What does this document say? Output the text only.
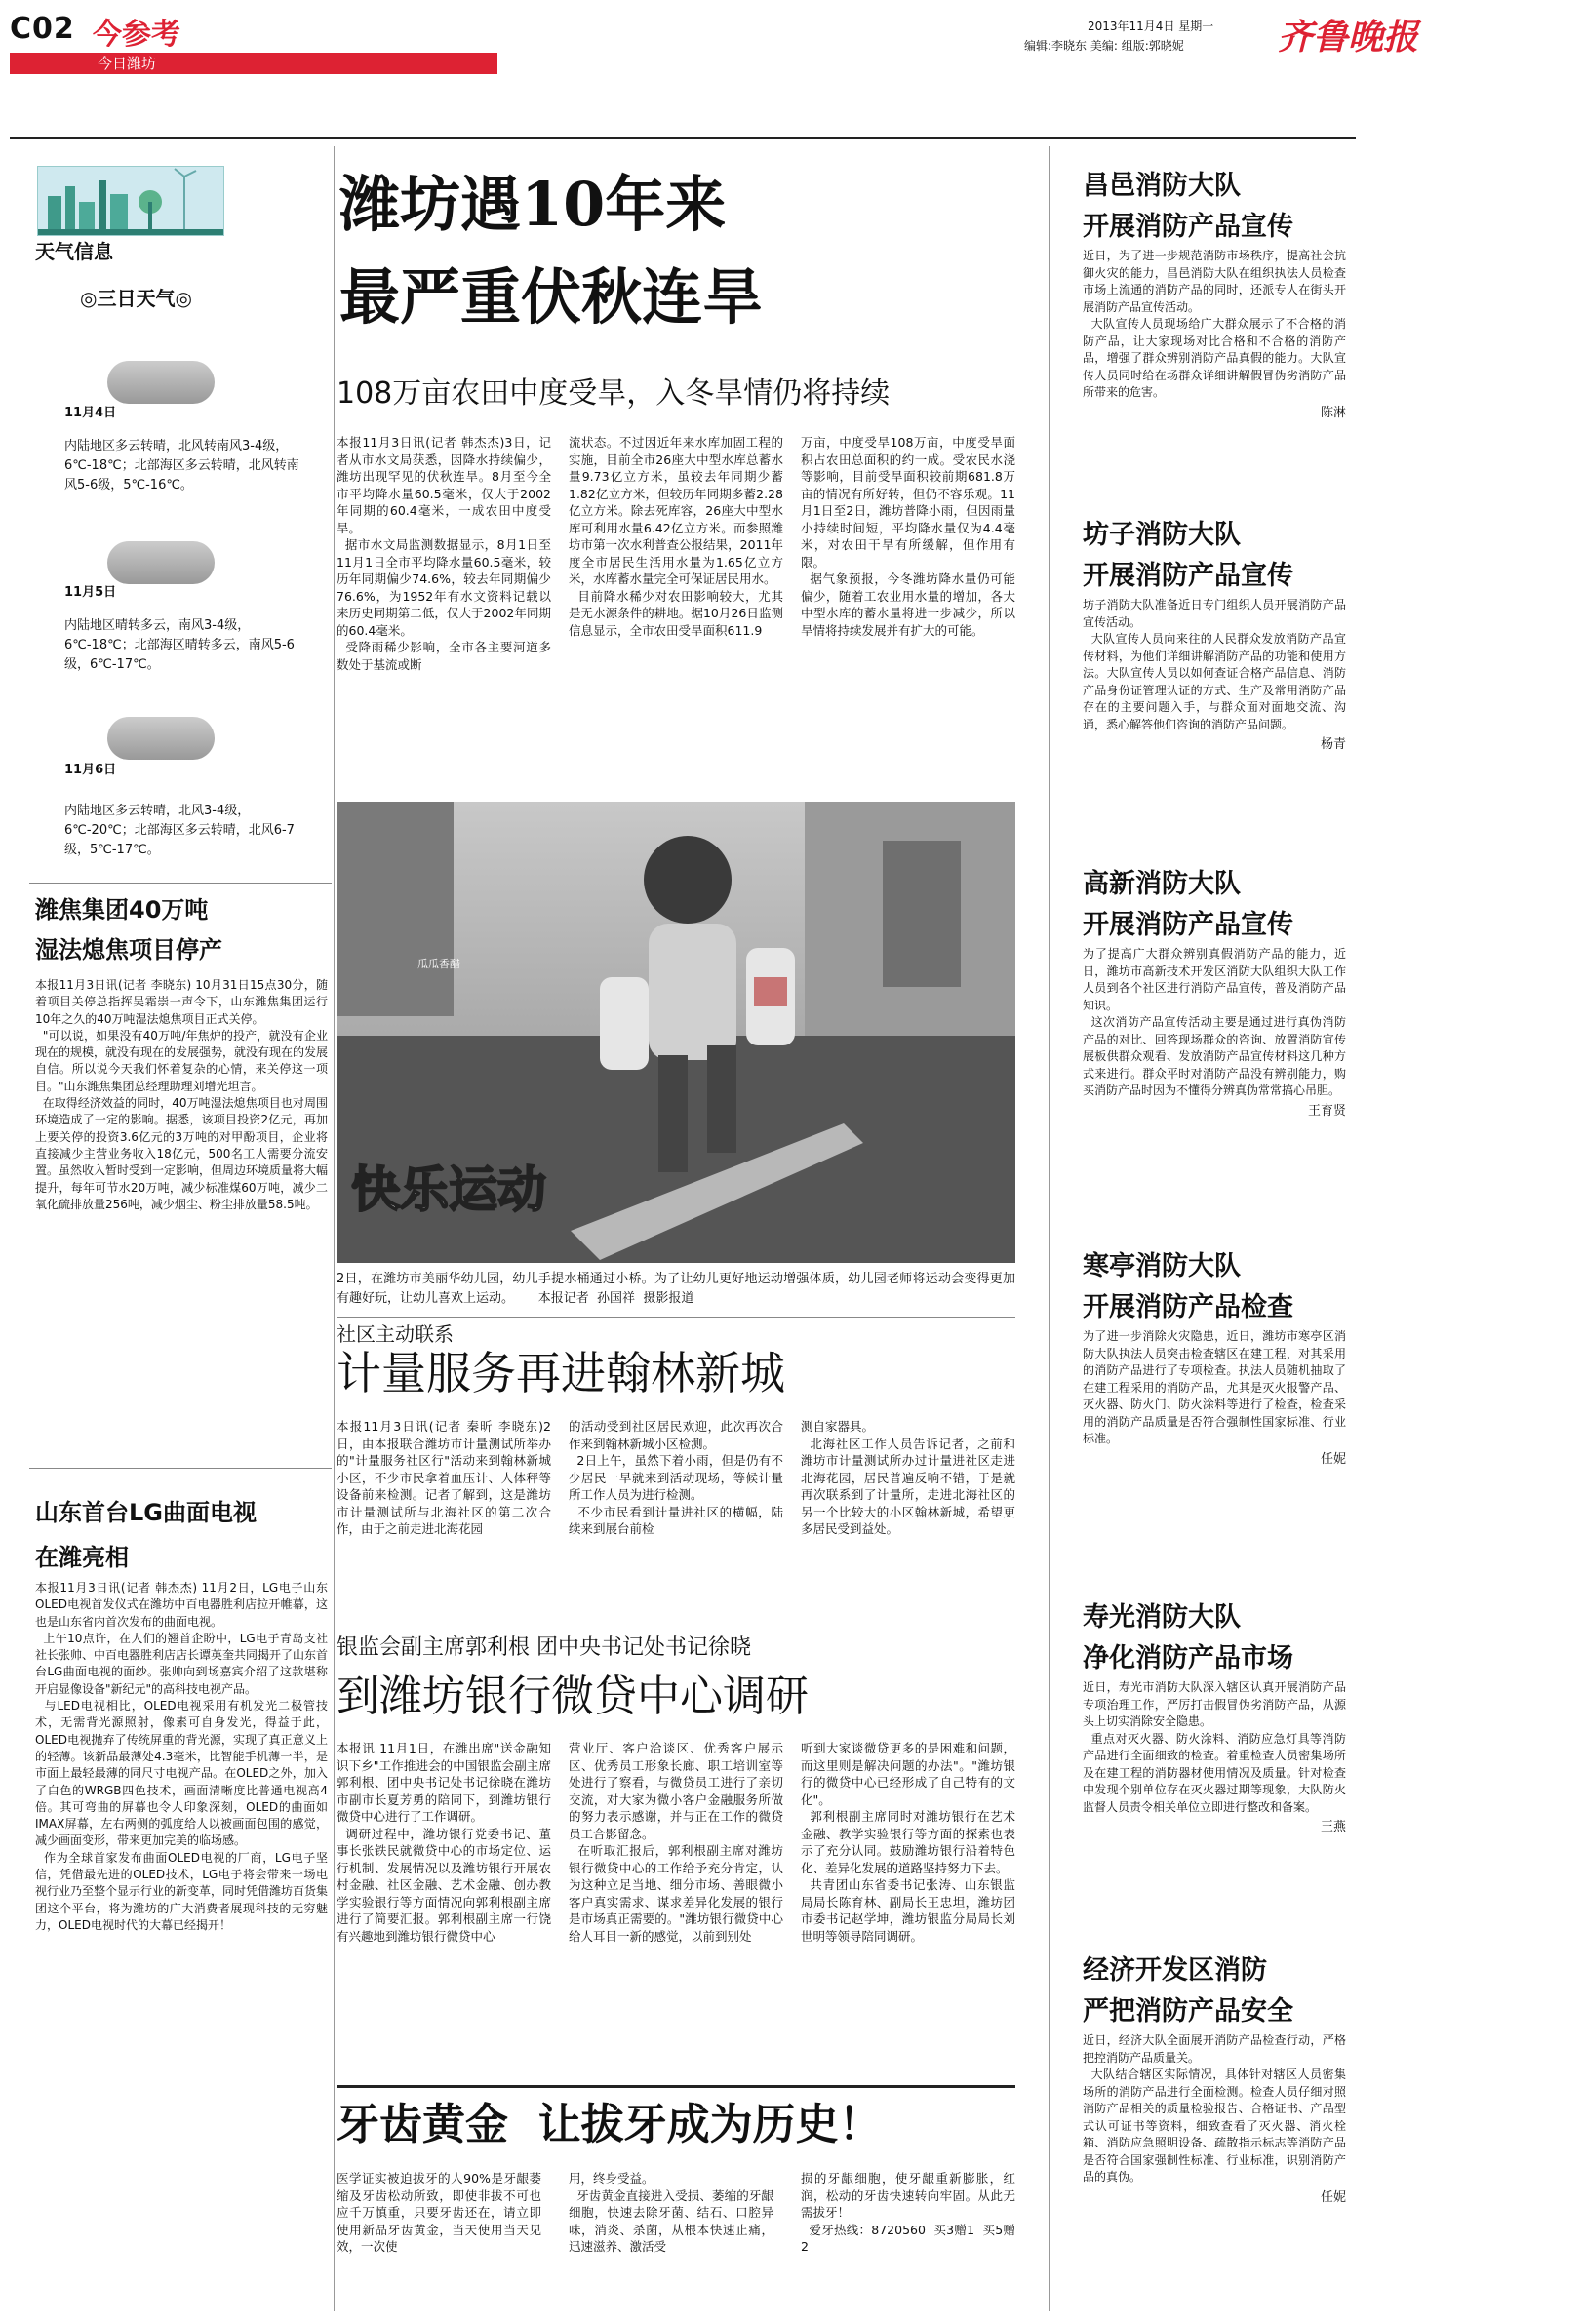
C02 今参考
今日潍坊
2013年11月4日 星期一
编辑:李晓东 美编: 组版:郭晓妮	齐鲁晚报
天气信息
◎三日天气◎
11月4日
内陆地区多云转晴，北风转南风3-4级，6℃-18℃；北部海区多云转晴，北风转南风5-6级，5℃-16℃。
11月5日
内陆地区晴转多云，南风3-4级，6℃-18℃；北部海区晴转多云，南风5-6级，6℃-17℃。
11月6日
内陆地区多云转晴，北风3-4级，6℃-20℃；北部海区多云转晴，北风6-7级，5℃-17℃。
潍焦集团40万吨
湿法熄焦项目停产
本报11月3日讯(记者 李晓东) 10月31日15点30分，随着项目关停总指挥吴霜崇一声令下，山东潍焦集团运行10年之久的40万吨湿法熄焦项目正式关停。
"可以说，如果没有40万吨/年焦炉的投产，就没有企业现在的规模，就没有现在的发展强势，就没有现在的发展自信。所以说今天我们怀着复杂的心情，来关停这一项目。"山东潍焦集团总经理助理刘增光坦言。
在取得经济效益的同时，40万吨湿法熄焦项目也对周围环境造成了一定的影响。据悉，该项目投资2亿元，再加上要关停的投资3.6亿元的3万吨的对甲酚项目，企业将直接减少主营业务收入18亿元，500名工人需要分流安置。虽然收入暂时受到一定影响，但周边环境质量将大幅提升，每年可节水20万吨，减少标准煤60万吨，减少二氧化硫排放量256吨，减少烟尘、粉尘排放量58.5吨。
山东首台LG曲面电视
在潍亮相
本报11月3日讯(记者 韩杰杰) 11月2日，LG电子山东OLED电视首发仪式在潍坊中百电器胜利店拉开帷幕，这也是山东省内首次发布的曲面电视。
上午10点许，在人们的翘首企盼中，LG电子青岛支社社长张帅、中百电器胜利店店长谭英奎共同揭开了山东首台LG曲面电视的面纱。张帅向到场嘉宾介绍了这款堪称开启显像设备"新纪元"的高科技电视产品。
与LED电视相比，OLED电视采用有机发光二极管技术，无需背光源照射，像素可自身发光，得益于此，OLED电视抛弃了传统屏重的背光源，实现了真正意义上的轻薄。该新品最薄处4.3毫米，比智能手机薄一半，是市面上最轻最薄的同尺寸电视产品。在OLED之外，加入了白色的WRGB四色技术，画面清晰度比普通电视高4倍。其可弯曲的屏幕也令人印象深刻，OLED的曲面如IMAX屏幕，左右两侧的弧度给人以被画面包围的感觉，减少画面变形，带来更加完美的临场感。
作为全球首家发布曲面OLED电视的厂商，LG电子坚信，凭借最先进的OLED技术，LG电子将会带来一场电视行业乃至整个显示行业的新变革，同时凭借潍坊百货集团这个平台，将为潍坊的广大消费者展现科技的无穷魅力，OLED电视时代的大幕已经揭开！
潍坊遇10年来
最严重伏秋连旱
108万亩农田中度受旱，入冬旱情仍将持续
本报11月3日讯(记者 韩杰杰)3日，记者从市水文局获悉，因降水持续偏少，潍坊出现罕见的伏秋连旱。8月至今全市平均降水量60.5毫米，仅大于2002年同期的60.4毫米，一成农田中度受旱。
据市水文局监测数据显示，8月1日至11月1日全市平均降水量60.5毫米，较历年同期偏少74.6%，较去年同期偏少76.6%，为1952年有水文资料记载以来历史同期第二低，仅大于2002年同期的60.4毫米。
受降雨稀少影响，全市各主要河道多数处于基流或断
流状态。不过因近年来水库加固工程的实施，目前全市26座大中型水库总蓄水量9.73亿立方米，虽较去年同期少蓄1.82亿立方米，但较历年同期多蓄2.28亿立方米。除去死库容，26座大中型水库可利用水量6.42亿立方米。而参照潍坊市第一次水利普查公报结果，2011年度全市居民生活用水量为1.65亿立方米，水库蓄水量完全可保证居民用水。
目前降水稀少对农田影响较大，尤其是无水源条件的耕地。据10月26日监测信息显示，全市农田受旱面积611.9
万亩，中度受旱108万亩，中度受旱面积占农田总面积的约一成。受农民水浇等影响，目前受旱面积较前期681.8万亩的情况有所好转，但仍不容乐观。11月1日至2日，潍坊普降小雨，但因雨量小持续时间短，平均降水量仅为4.4毫米，对农田干旱有所缓解，但作用有限。
据气象预报，今冬潍坊降水量仍可能偏少，随着工农业用水量的增加，各大中型水库的蓄水量将进一步减少，所以旱情将持续发展并有扩大的可能。
瓜瓜香醋
快乐运动
2日，在潍坊市美丽华幼儿园，幼儿手提水桶通过小桥。为了让幼儿更好地运动增强体质，幼儿园老师将运动会变得更加有趣好玩，让幼儿喜欢上运动。      本报记者  孙国祥  摄影报道
社区主动联系
计量服务再进翰林新城
本报11月3日讯(记者 秦昕 李晓东)2日，由本报联合潍坊市计量测试所举办的"计量服务社区行"活动来到翰林新城小区，不少市民拿着血压计、人体秤等设备前来检测。记者了解到，这是潍坊市计量测试所与北海社区的第二次合作，由于之前走进北海花园
的活动受到社区居民欢迎，此次再次合作来到翰林新城小区检测。
2日上午，虽然下着小雨，但是仍有不少居民一早就来到活动现场，等候计量所工作人员为进行检测。
不少市民看到计量进社区的横幅，陆续来到展台前检
测自家器具。
北海社区工作人员告诉记者，之前和潍坊市计量测试所办过计量进社区走进北海花园，居民普遍反响不错，于是就再次联系到了计量所，走进北海社区的另一个比较大的小区翰林新城，希望更多居民受到益处。
银监会副主席郭利根 团中央书记处书记徐晓
到潍坊银行微贷中心调研
本报讯 11月1日，在潍出席"送金融知识下乡"工作推进会的中国银监会副主席郭利根、团中央书记处书记徐晓在潍坊市副市长夏芳勇的陪同下，到潍坊银行微贷中心进行了工作调研。
调研过程中，潍坊银行党委书记、董事长张铁民就微贷中心的市场定位、运行机制、发展情况以及潍坊银行开展农村金融、社区金融、艺术金融、创办教学实验银行等方面情况向郭利根副主席进行了简要汇报。郭利根副主席一行饶有兴趣地到潍坊银行微贷中心
营业厅、客户洽谈区、优秀客户展示区、优秀员工形象长廊、职工培训室等处进行了察看，与微贷员工进行了亲切交流，对大家为微小客户金融服务所做的努力表示感谢，并与正在工作的微贷员工合影留念。
在听取汇报后，郭利根副主席对潍坊银行微贷中心的工作给予充分肯定，认为这种立足当地、细分市场、善眼微小客户真实需求、谋求差异化发展的银行是市场真正需要的。"潍坊银行微贷中心给人耳目一新的感觉，以前到别处
听到大家谈微贷更多的是困难和问题，而这里则是解决问题的办法"。"潍坊银行的微贷中心已经形成了自己特有的文化"。
郭利根副主席同时对潍坊银行在艺术金融、教学实验银行等方面的探索也表示了充分认同。鼓励潍坊银行沿着特色化、差异化发展的道路坚持努力下去。
共青团山东省委书记张涛、山东银监局局长陈育林、副局长王忠坦，潍坊团市委书记赵学坤，潍坊银监分局局长刘世明等领导陪同调研。
牙齿黄金  让拔牙成为历史！
医学证实被迫拔牙的人90%是牙龈萎缩及牙齿松动所致，即使非拔不可也应千万慎重，只要牙齿还在，请立即使用新品牙齿黄金，当天使用当天见效，一次使
用，终身受益。
牙齿黄金直接进入受损、萎缩的牙龈细胞，快速去除牙菌、结石、口腔异味，消炎、杀菌，从根本快速止痛，迅速滋养、激活受
损的牙龈细胞，使牙龈重新膨胀，红润，松动的牙齿快速转向牢固。从此无需拔牙！
爱牙热线：8720560  买3赠1  买5赠2
昌邑消防大队
开展消防产品宣传
近日，为了进一步规范消防市场秩序，提高社会抗御火灾的能力，昌邑消防大队在组织执法人员检查市场上流通的消防产品的同时，还派专人在街头开展消防产品宣传活动。
大队宣传人员现场给广大群众展示了不合格的消防产品，让大家现场对比合格和不合格的消防产品，增强了群众辨别消防产品真假的能力。大队宣传人员同时给在场群众详细讲解假冒伪劣消防产品所带来的危害。
陈淋
坊子消防大队
开展消防产品宣传
坊子消防大队准备近日专门组织人员开展消防产品宣传活动。
大队宣传人员向来往的人民群众发放消防产品宣传材料，为他们详细讲解消防产品的功能和使用方法。大队宣传人员以如何查证合格产品信息、消防产品身份证管理认证的方式、生产及常用消防产品存在的主要问题入手，与群众面对面地交流、沟通，悉心解答他们咨询的消防产品问题。
杨青
高新消防大队
开展消防产品宣传
为了提高广大群众辨别真假消防产品的能力，近日，潍坊市高新技术开发区消防大队组织大队工作人员到各个社区进行消防产品宣传，普及消防产品知识。
这次消防产品宣传活动主要是通过进行真伪消防产品的对比、回答现场群众的咨询、放置消防宣传展板供群众观看、发放消防产品宣传材料这几种方式来进行。群众平时对消防产品没有辨别能力，购买消防产品时因为不懂得分辨真伪常常搞心吊胆。
王育贤
寒亭消防大队
开展消防产品检查
为了进一步消除火灾隐患，近日，潍坊市寒亭区消防大队执法人员突击检查辖区在建工程，对其采用的消防产品进行了专项检查。执法人员随机抽取了在建工程采用的消防产品，尤其是灭火报警产品、灭火器、防火门、防火涂料等进行了检查，检查采用的消防产品质量是否符合强制性国家标准、行业标准。
任妮
寿光消防大队
净化消防产品市场
近日，寿光市消防大队深入辖区认真开展消防产品专项治理工作，严厉打击假冒伪劣消防产品，从源头上切实消除安全隐患。
重点对灭火器、防火涂料、消防应急灯具等消防产品进行全面细致的检查。着重检查人员密集场所及在建工程的消防器材使用情况及质量。针对检查中发现个别单位存在灭火器过期等现象，大队防火监督人员责令相关单位立即进行整改和备案。
王燕
经济开发区消防
严把消防产品安全
近日，经济大队全面展开消防产品检查行动，严格把控消防产品质量关。
大队结合辖区实际情况，具体针对辖区人员密集场所的消防产品进行全面检测。检查人员仔细对照消防产品相关的质量检验报告、合格证书、产品型式认可证书等资料，细致查看了灭火器、消火栓箱、消防应急照明设备、疏散指示标志等消防产品是否符合国家强制性标准、行业标准，识别消防产品的真伪。
任妮
